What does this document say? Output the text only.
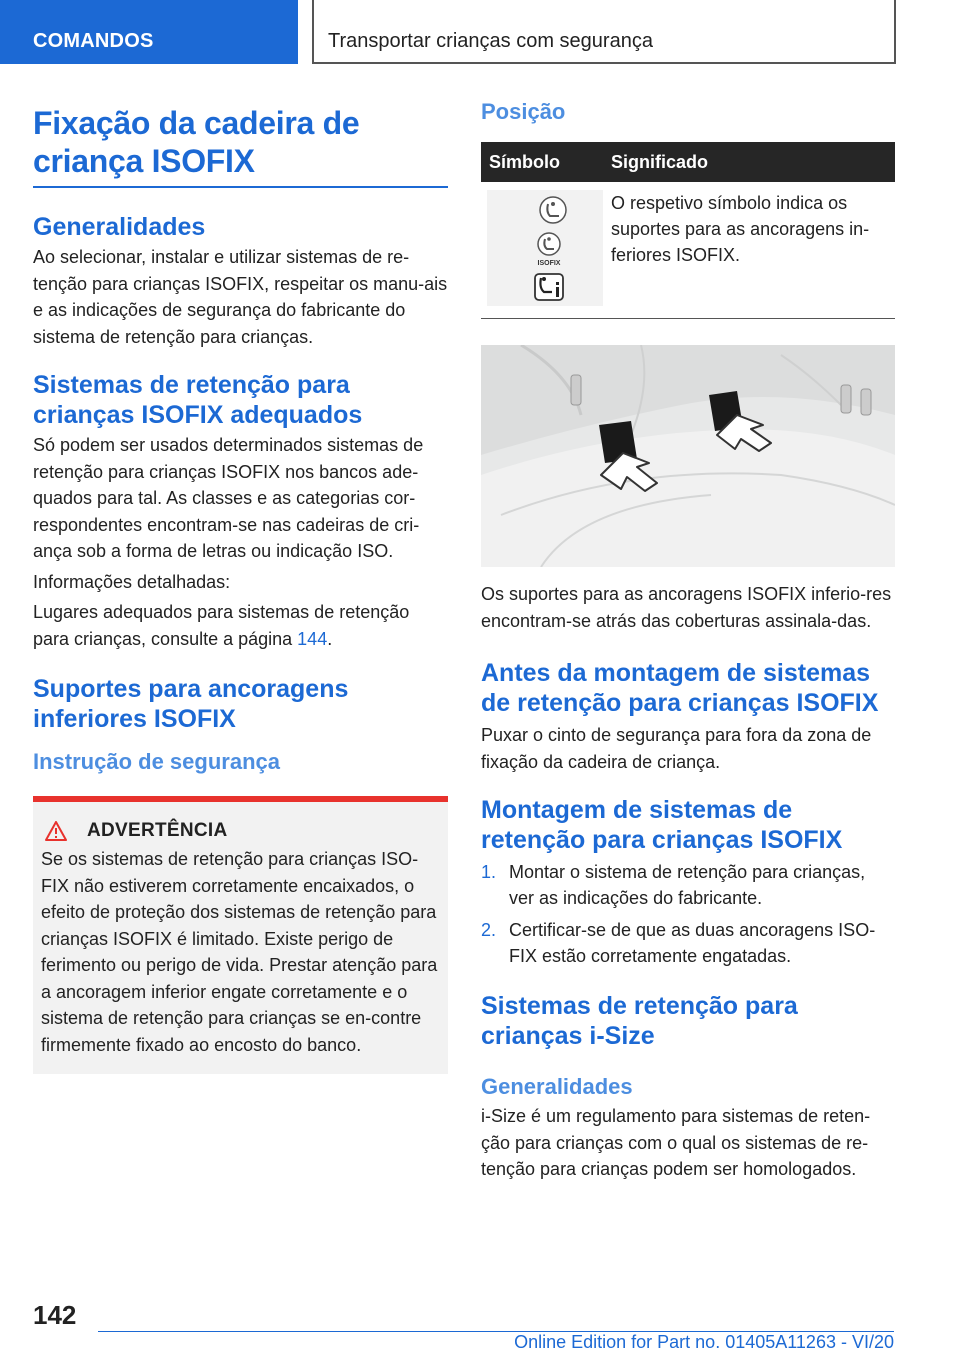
COMANDOS	Transportar crianças com segurança
Fixação da cadeira de
criança ISOFIX
Generalidades
Ao selecionar, instalar e utilizar sistemas de re-tenção para crianças ISOFIX, respeitar os manu-ais e as indicações de segurança do fabricante do sistema de retenção para crianças.
Sistemas de retenção para crianças ISOFIX adequados
Só podem ser usados determinados sistemas de retenção para crianças ISOFIX nos bancos ade-quados para tal. As classes e as categorias cor-respondentes encontram-se nas cadeiras de cri-ança sob a forma de letras ou indicação ISO.
Informações detalhadas:
Lugares adequados para sistemas de retenção para crianças, consulte a página 144.
Suportes para ancoragens inferiores ISOFIX
Instrução de segurança
ADVERTÊNCIA
Se os sistemas de retenção para crianças ISO-FIX não estiverem corretamente encaixados, o efeito de proteção dos sistemas de retenção para crianças ISOFIX é limitado. Existe perigo de ferimento ou perigo de vida. Prestar atenção para a ancoragem inferior engate corretamente e o sistema de retenção para crianças se en-contre firmemente fixado ao encosto do banco.
Posição
Símbolo	Significado
ISOFIX
O respetivo símbolo indica os suportes para as ancoragens in-feriores ISOFIX.
Os suportes para as ancoragens ISOFIX inferio-res encontram-se atrás das coberturas assinala-das.
Antes da montagem de sistemas de retenção para crianças ISOFIX
Puxar o cinto de segurança para fora da zona de fixação da cadeira de criança.
Montagem de sistemas de retenção para crianças ISOFIX
1. Montar o sistema de retenção para crianças, ver as indicações do fabricante.
2. Certificar-se de que as duas ancoragens ISO-FIX estão corretamente engatadas.
Sistemas de retenção para crianças i-Size
Generalidades
i-Size é um regulamento para sistemas de reten-ção para crianças com o qual os sistemas de re-tenção para crianças podem ser homologados.
142
Online Edition for Part no. 01405A11263 - VI/20
